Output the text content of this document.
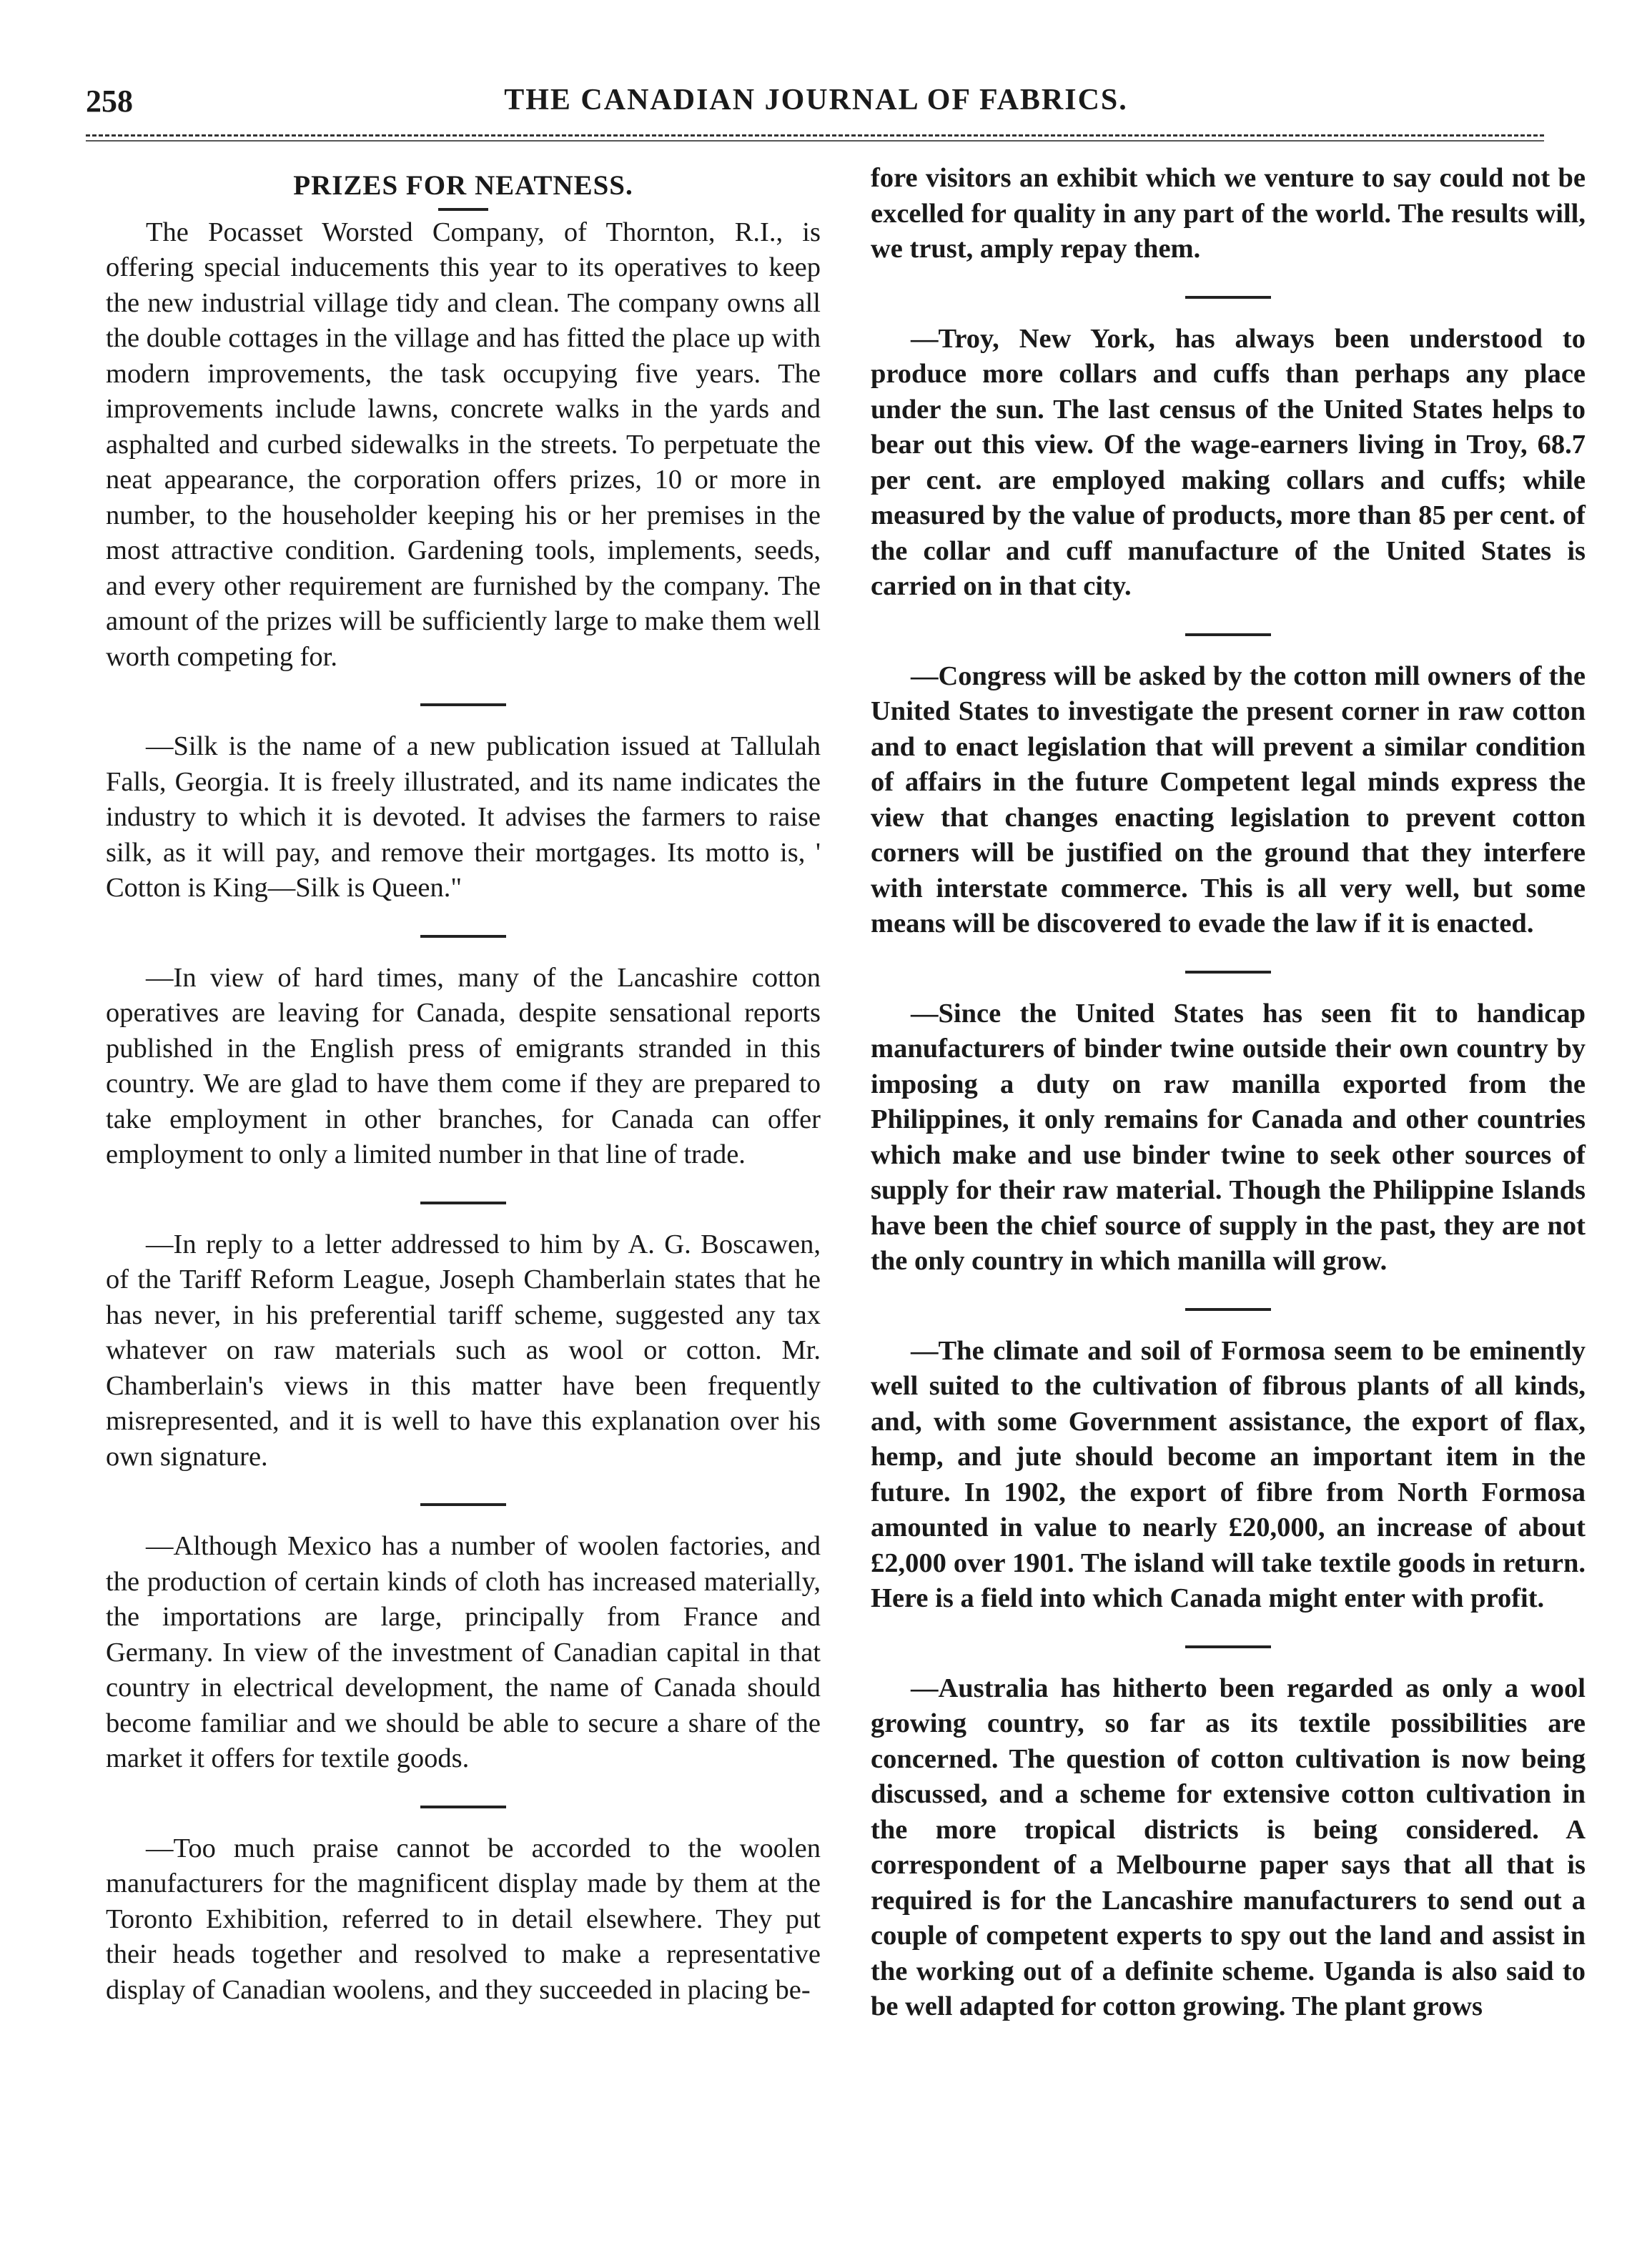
258	THE CANADIAN JOURNAL OF FABRICS.
PRIZES FOR NEATNESS.

The Pocasset Worsted Company, of Thornton, R.I., is offering special inducements this year to its operatives to keep the new industrial village tidy and clean. The company owns all the double cottages in the village and has fitted the place up with modern improvements, the task occupying five years. The improvements include lawns, concrete walks in the yards and asphalted and curbed sidewalks in the streets. To perpetuate the neat appearance, the corporation offers prizes, 10 or more in number, to the householder keeping his or her premises in the most attractive condition. Gardening tools, implements, seeds, and every other requirement are furnished by the company. The amount of the prizes will be sufficiently large to make them well worth competing for.

—Silk is the name of a new publication issued at Tallulah Falls, Georgia. It is freely illustrated, and its name indicates the industry to which it is devoted. It advises the farmers to raise silk, as it will pay, and remove their mortgages. Its motto is, ' Cotton is King—Silk is Queen."

—In view of hard times, many of the Lancashire cotton operatives are leaving for Canada, despite sensational reports published in the English press of emigrants stranded in this country. We are glad to have them come if they are prepared to take employment in other branches, for Canada can offer employment to only a limited number in that line of trade.

—In reply to a letter addressed to him by A. G. Boscawen, of the Tariff Reform League, Joseph Chamberlain states that he has never, in his preferential tariff scheme, suggested any tax whatever on raw materials such as wool or cotton. Mr. Chamberlain's views in this matter have been frequently misrepresented, and it is well to have this explanation over his own signature.

—Although Mexico has a number of woolen factories, and the production of certain kinds of cloth has increased materially, the importations are large, principally from France and Germany. In view of the investment of Canadian capital in that country in electrical development, the name of Canada should become familiar and we should be able to secure a share of the market it offers for textile goods.

—Too much praise cannot be accorded to the woolen manufacturers for the magnificent display made by them at the Toronto Exhibition, referred to in detail elsewhere. They put their heads together and resolved to make a representative display of Canadian woolens, and they succeeded in placing be-

fore visitors an exhibit which we venture to say could not be excelled for quality in any part of the world. The results will, we trust, amply repay them.

—Troy, New York, has always been understood to produce more collars and cuffs than perhaps any place under the sun. The last census of the United States helps to bear out this view. Of the wage-earners living in Troy, 68.7 per cent. are employed making collars and cuffs; while measured by the value of products, more than 85 per cent. of the collar and cuff manufacture of the United States is carried on in that city.

—Congress will be asked by the cotton mill owners of the United States to investigate the present corner in raw cotton and to enact legislation that will prevent a similar condition of affairs in the future Competent legal minds express the view that changes enacting legislation to prevent cotton corners will be justified on the ground that they interfere with interstate commerce. This is all very well, but some means will be discovered to evade the law if it is enacted.

—Since the United States has seen fit to handicap manufacturers of binder twine outside their own country by imposing a duty on raw manilla exported from the Philippines, it only remains for Canada and other countries which make and use binder twine to seek other sources of supply for their raw material. Though the Philippine Islands have been the chief source of supply in the past, they are not the only country in which manilla will grow.

—The climate and soil of Formosa seem to be eminently well suited to the cultivation of fibrous plants of all kinds, and, with some Government assistance, the export of flax, hemp, and jute should become an important item in the future. In 1902, the export of fibre from North Formosa amounted in value to nearly £20,000, an increase of about £2,000 over 1901. The island will take textile goods in return. Here is a field into which Canada might enter with profit.

—Australia has hitherto been regarded as only a wool growing country, so far as its textile possibilities are concerned. The question of cotton cultivation is now being discussed, and a scheme for extensive cotton cultivation in the more tropical districts is being considered. A correspondent of a Melbourne paper says that all that is required is for the Lancashire manufacturers to send out a couple of competent experts to spy out the land and assist in the working out of a definite scheme. Uganda is also said to be well adapted for cotton growing. The plant grows
